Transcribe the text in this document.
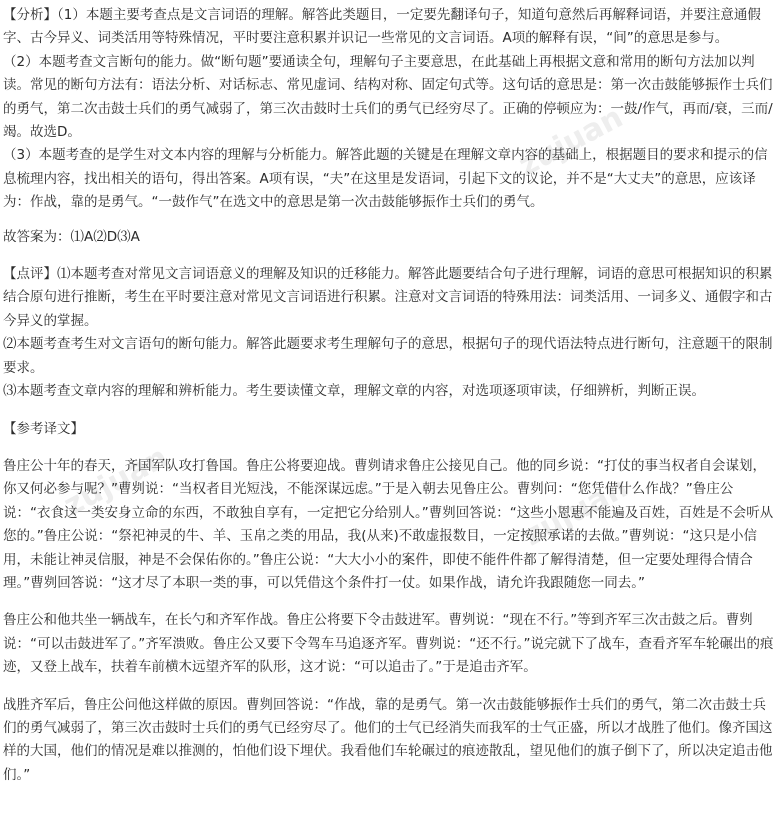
zujuan
zujuan	zujuan

【分析】（1）本题主要考查点是文言词语的理解。解答此类题目，一定要先翻译句子，知道句意然后再解释词语，并要注意通假字、古今异义、词类活用等特殊情况，平时要注意积累并识记一些常见的文言词语。A项的解释有误，“间”的意思是参与。

（2）本题考查文言断句的能力。做“断句题”要通读全句，理解句子主要意思，在此基础上再根据文意和常用的断句方法加以判读。常见的断句方法有：语法分析、对话标志、常见虚词、结构对称、固定句式等。这句话的意思是：第一次击鼓能够振作士兵们的勇气，第二次击鼓士兵们的勇气减弱了，第三次击鼓时士兵们的勇气已经穷尽了。正确的停顿应为：一鼓/作气，再而/衰，三而/竭。故选D。

（3）本题考查的是学生对文本内容的理解与分析能力。解答此题的关键是在理解文章内容的基础上，根据题目的要求和提示的信息梳理内容，找出相关的语句，得出答案。A项有误，“夫”在这里是发语词，引起下文的议论，并不是“大丈夫”的意思，应该译为：作战，靠的是勇气。“一鼓作气”在选文中的意思是第一次击鼓能够振作士兵们的勇气。

故答案为：⑴A⑵D⑶A

【点评】⑴本题考查对常见文言词语意义的理解及知识的迁移能力。解答此题要结合句子进行理解，词语的意思可根据知识的积累结合原句进行推断，考生在平时要注意对常见文言词语进行积累。注意对文言词语的特殊用法：词类活用、一词多义、通假字和古今异义的掌握。

⑵本题考查考生对文言语句的断句能力。解答此题要求考生理解句子的意思，根据句子的现代语法特点进行断句，注意题干的限制要求。

⑶本题考查文章内容的理解和辨析能力。考生要读懂文章，理解文章的内容，对选项逐项审读，仔细辨析，判断正误。

【参考译文】

鲁庄公十年的春天，齐国军队攻打鲁国。鲁庄公将要迎战。曹刿请求鲁庄公接见自己。他的同乡说：“打仗的事当权者自会谋划，你又何必参与呢？”曹刿说：“当权者目光短浅，不能深谋远虑。”于是入朝去见鲁庄公。曹刿问：“您凭借什么作战？”鲁庄公说：“衣食这一类安身立命的东西，不敢独自享有，一定把它分给别人。”曹刿回答说：“这些小恩惠不能遍及百姓，百姓是不会听从您的。”鲁庄公说：“祭祀神灵的牛、羊、玉帛之类的用品，我(从来)不敢虚报数目，一定按照承诺的去做。”曹刿说：“这只是小信用，未能让神灵信服，神是不会保佑你的。”鲁庄公说：“大大小小的案件，即使不能件件都了解得清楚，但一定要处理得合情合理。”曹刿回答说：“这才尽了本职一类的事，可以凭借这个条件打一仗。如果作战，请允许我跟随您一同去。”

鲁庄公和他共坐一辆战车，在长勺和齐军作战。鲁庄公将要下令击鼓进军。曹刿说：“现在不行。”等到齐军三次击鼓之后。曹刿说：“可以击鼓进军了。”齐军溃败。鲁庄公又要下令驾车马追逐齐军。曹刿说：“还不行。”说完就下了战车，查看齐军车轮碾出的痕迹，又登上战车，扶着车前横木远望齐军的队形，这才说：“可以追击了。”于是追击齐军。

战胜齐军后，鲁庄公问他这样做的原因。曹刿回答说：“作战，靠的是勇气。第一次击鼓能够振作士兵们的勇气，第二次击鼓士兵们的勇气减弱了，第三次击鼓时士兵们的勇气已经穷尽了。他们的士气已经消失而我军的士气正盛，所以才战胜了他们。像齐国这样的大国，他们的情况是难以推测的，怕他们设下埋伏。我看他们车轮碾过的痕迹散乱，望见他们的旗子倒下了，所以决定追击他们。”
